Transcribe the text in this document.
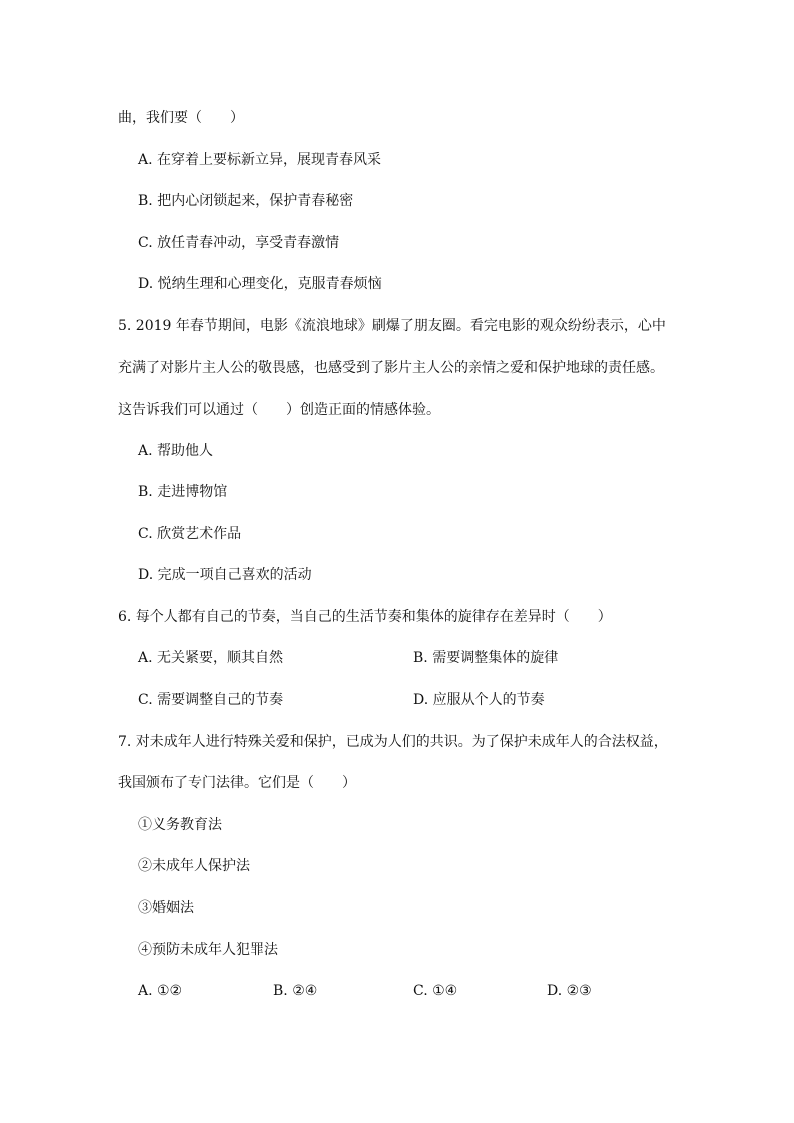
曲，我们要（　　）
A. 在穿着上要标新立异，展现青春风采
B. 把内心闭锁起来，保护青春秘密
C. 放任青春冲动，享受青春激情
D. 悦纳生理和心理变化，克服青春烦恼
5. 2019 年春节期间，电影《流浪地球》刷爆了朋友圈。看完电影的观众纷纷表示，心中
充满了对影片主人公的敬畏感，也感受到了影片主人公的亲情之爱和保护地球的责任感。
这告诉我们可以通过（　　）创造正面的情感体验。
A. 帮助他人
B. 走进博物馆
C. 欣赏艺术作品
D. 完成一项自己喜欢的活动
6. 每个人都有自己的节奏，当自己的生活节奏和集体的旋律存在差异时（　　）
A. 无关紧要，顺其自然	B. 需要调整集体的旋律
C. 需要调整自己的节奏	D. 应服从个人的节奏
7. 对未成年人进行特殊关爱和保护，已成为人们的共识。为了保护未成年人的合法权益，
我国颁布了专门法律。它们是（　　）
①义务教育法
②未成年人保护法
③婚姻法
④预防未成年人犯罪法
A. ①②	B. ②④	C. ①④	D. ②③
